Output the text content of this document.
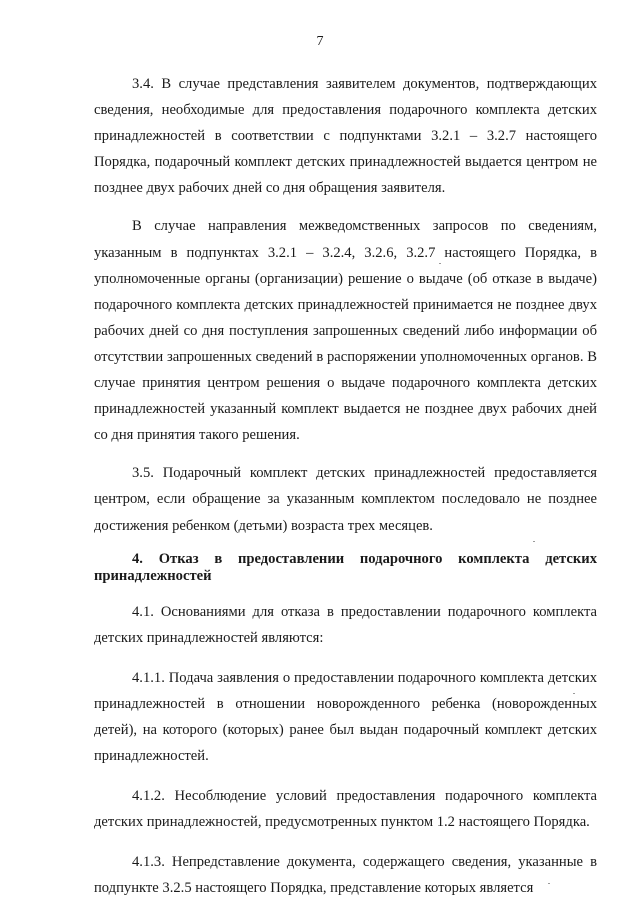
7

3.4. В случае представления заявителем документов, подтверждающих сведения, необходимые для предоставления подарочного комплекта детских принадлежностей в соответствии с подпунктами 3.2.1 – 3.2.7 настоящего Порядка, подарочный комплект детских принадлежностей выдается центром не позднее двух рабочих дней со дня обращения заявителя.

В случае направления межведомственных запросов по сведениям, указанным в подпунктах 3.2.1 – 3.2.4, 3.2.6, 3.2.7 настоящего Порядка, в уполномоченные органы (организации) решение о выдаче (об отказе в выдаче) подарочного комплекта детских принадлежностей принимается не позднее двух рабочих дней со дня поступления запрошенных сведений либо информации об отсутствии запрошенных сведений в распоряжении уполномоченных органов. В случае принятия центром решения о выдаче подарочного комплекта детских принадлежностей указанный комплект выдается не позднее двух рабочих дней со дня принятия такого решения.

3.5. Подарочный комплект детских принадлежностей предоставляется центром, если обращение за указанным комплектом последовало не позднее достижения ребенком (детьми) возраста трех месяцев.

4. Отказ в предоставлении подарочного комплекта детских принадлежностей

4.1. Основаниями для отказа в предоставлении подарочного комплекта детских принадлежностей являются:

4.1.1. Подача заявления о предоставлении подарочного комплекта детских принадлежностей в отношении новорожденного ребенка (новорожденных детей), на которого (которых) ранее был выдан подарочный комплект детских принадлежностей.

4.1.2. Несоблюдение условий предоставления подарочного комплекта детских принадлежностей, предусмотренных пунктом 1.2 настоящего Порядка.

4.1.3. Непредставление документа, содержащего сведения, указанные в подпункте 3.2.5 настоящего Порядка, представление которых является
